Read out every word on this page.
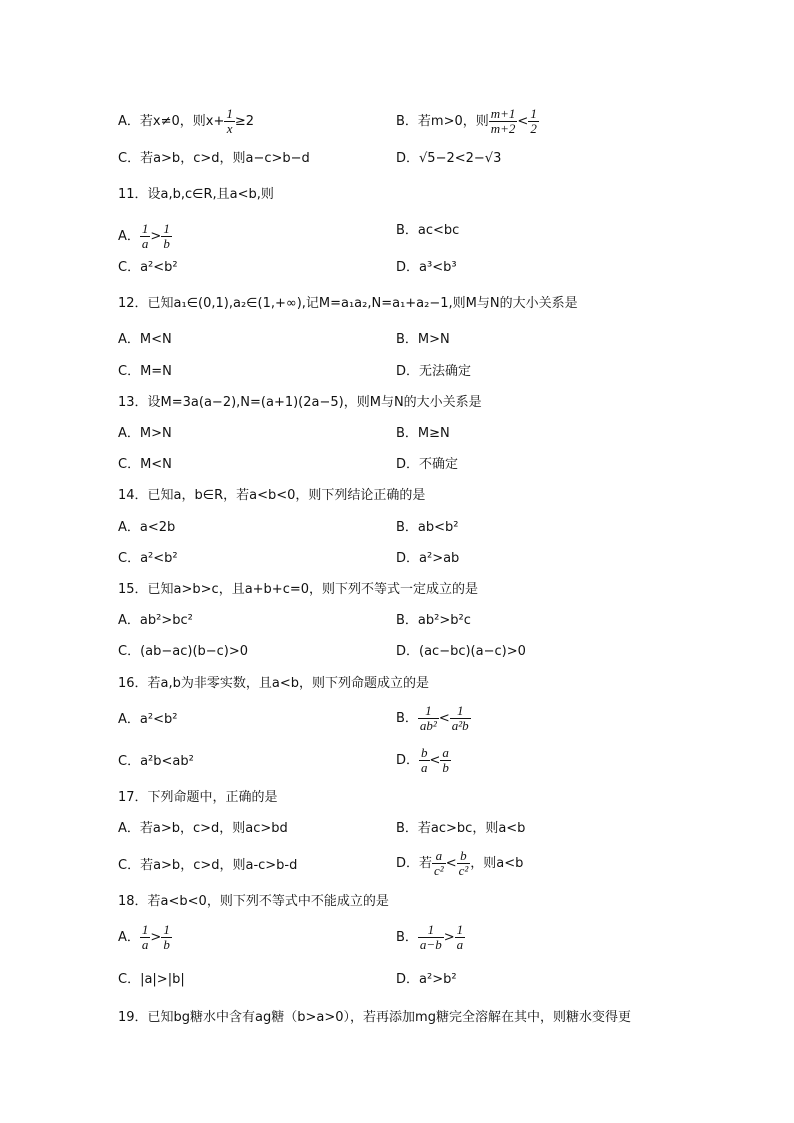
A．若x≠0，则$x+ \frac{1}{x} \ge 2$	B．若m>0，则 $\frac{m+1}{m+2} < \frac{1}{2}$
C．若a>b，c>d，则a−c>b−d	D．√5−2<2−√3
11．设a,b,c∈R,且a<b,则
A． $\frac{1}{a} > \frac{1}{b}$	B．ac<bc
C．a²<b²	D．a³<b³
12．已知a₁∈(0,1),a₂∈(1,+∞),记M=a₁a₂,N=a₁+a₂−1,则M与N的大小关系是
A．M<N	B．M>N
C．M=N	D．无法确定
13．设M=3a(a−2),N=(a+1)(2a−5)，则M与N的大小关系是
A．M>N	B．M≥N
C．M<N	D．不确定
14．已知a，b∈R，若a<b<0，则下列结论正确的是
A．a<2b	B．ab<b²
C．a²<b²	D．a²>ab
15．已知a>b>c，且a+b+c=0，则下列不等式一定成立的是
A．ab²>bc²	B．ab²>b²c
C．(ab−ac)(b−c)>0	D．(ac−bc)(a−c)>0
16．若a,b为非零实数，且a<b，则下列命题成立的是
A．a²<b²	B． $\frac{1}{\text{ab²}} < \frac{1}{\text{a²b}}$
C．a²b<ab²	D． $\frac{b}{a} < \frac{a}{b}$
17．下列命题中，正确的是
A．若a>b，c>d，则ac>bd	B．若ac>bc，则a<b
C．若a>b，c>d，则a-c>b-d	D．若 $\frac{a}{\text{c²}} < \frac{b}{\text{c²}}$ ，则a<b
18．若a<b<0，则下列不等式中不能成立的是
A． $\frac{1}{a} > \frac{1}{b}$	B． $\frac{1}{a-b} > \frac{1}{a}$
C．|a|>|b|	D．a²>b²
19．已知bg糖水中含有ag糖（b>a>0），若再添加mg糖完全溶解在其中，则糖水变得更
